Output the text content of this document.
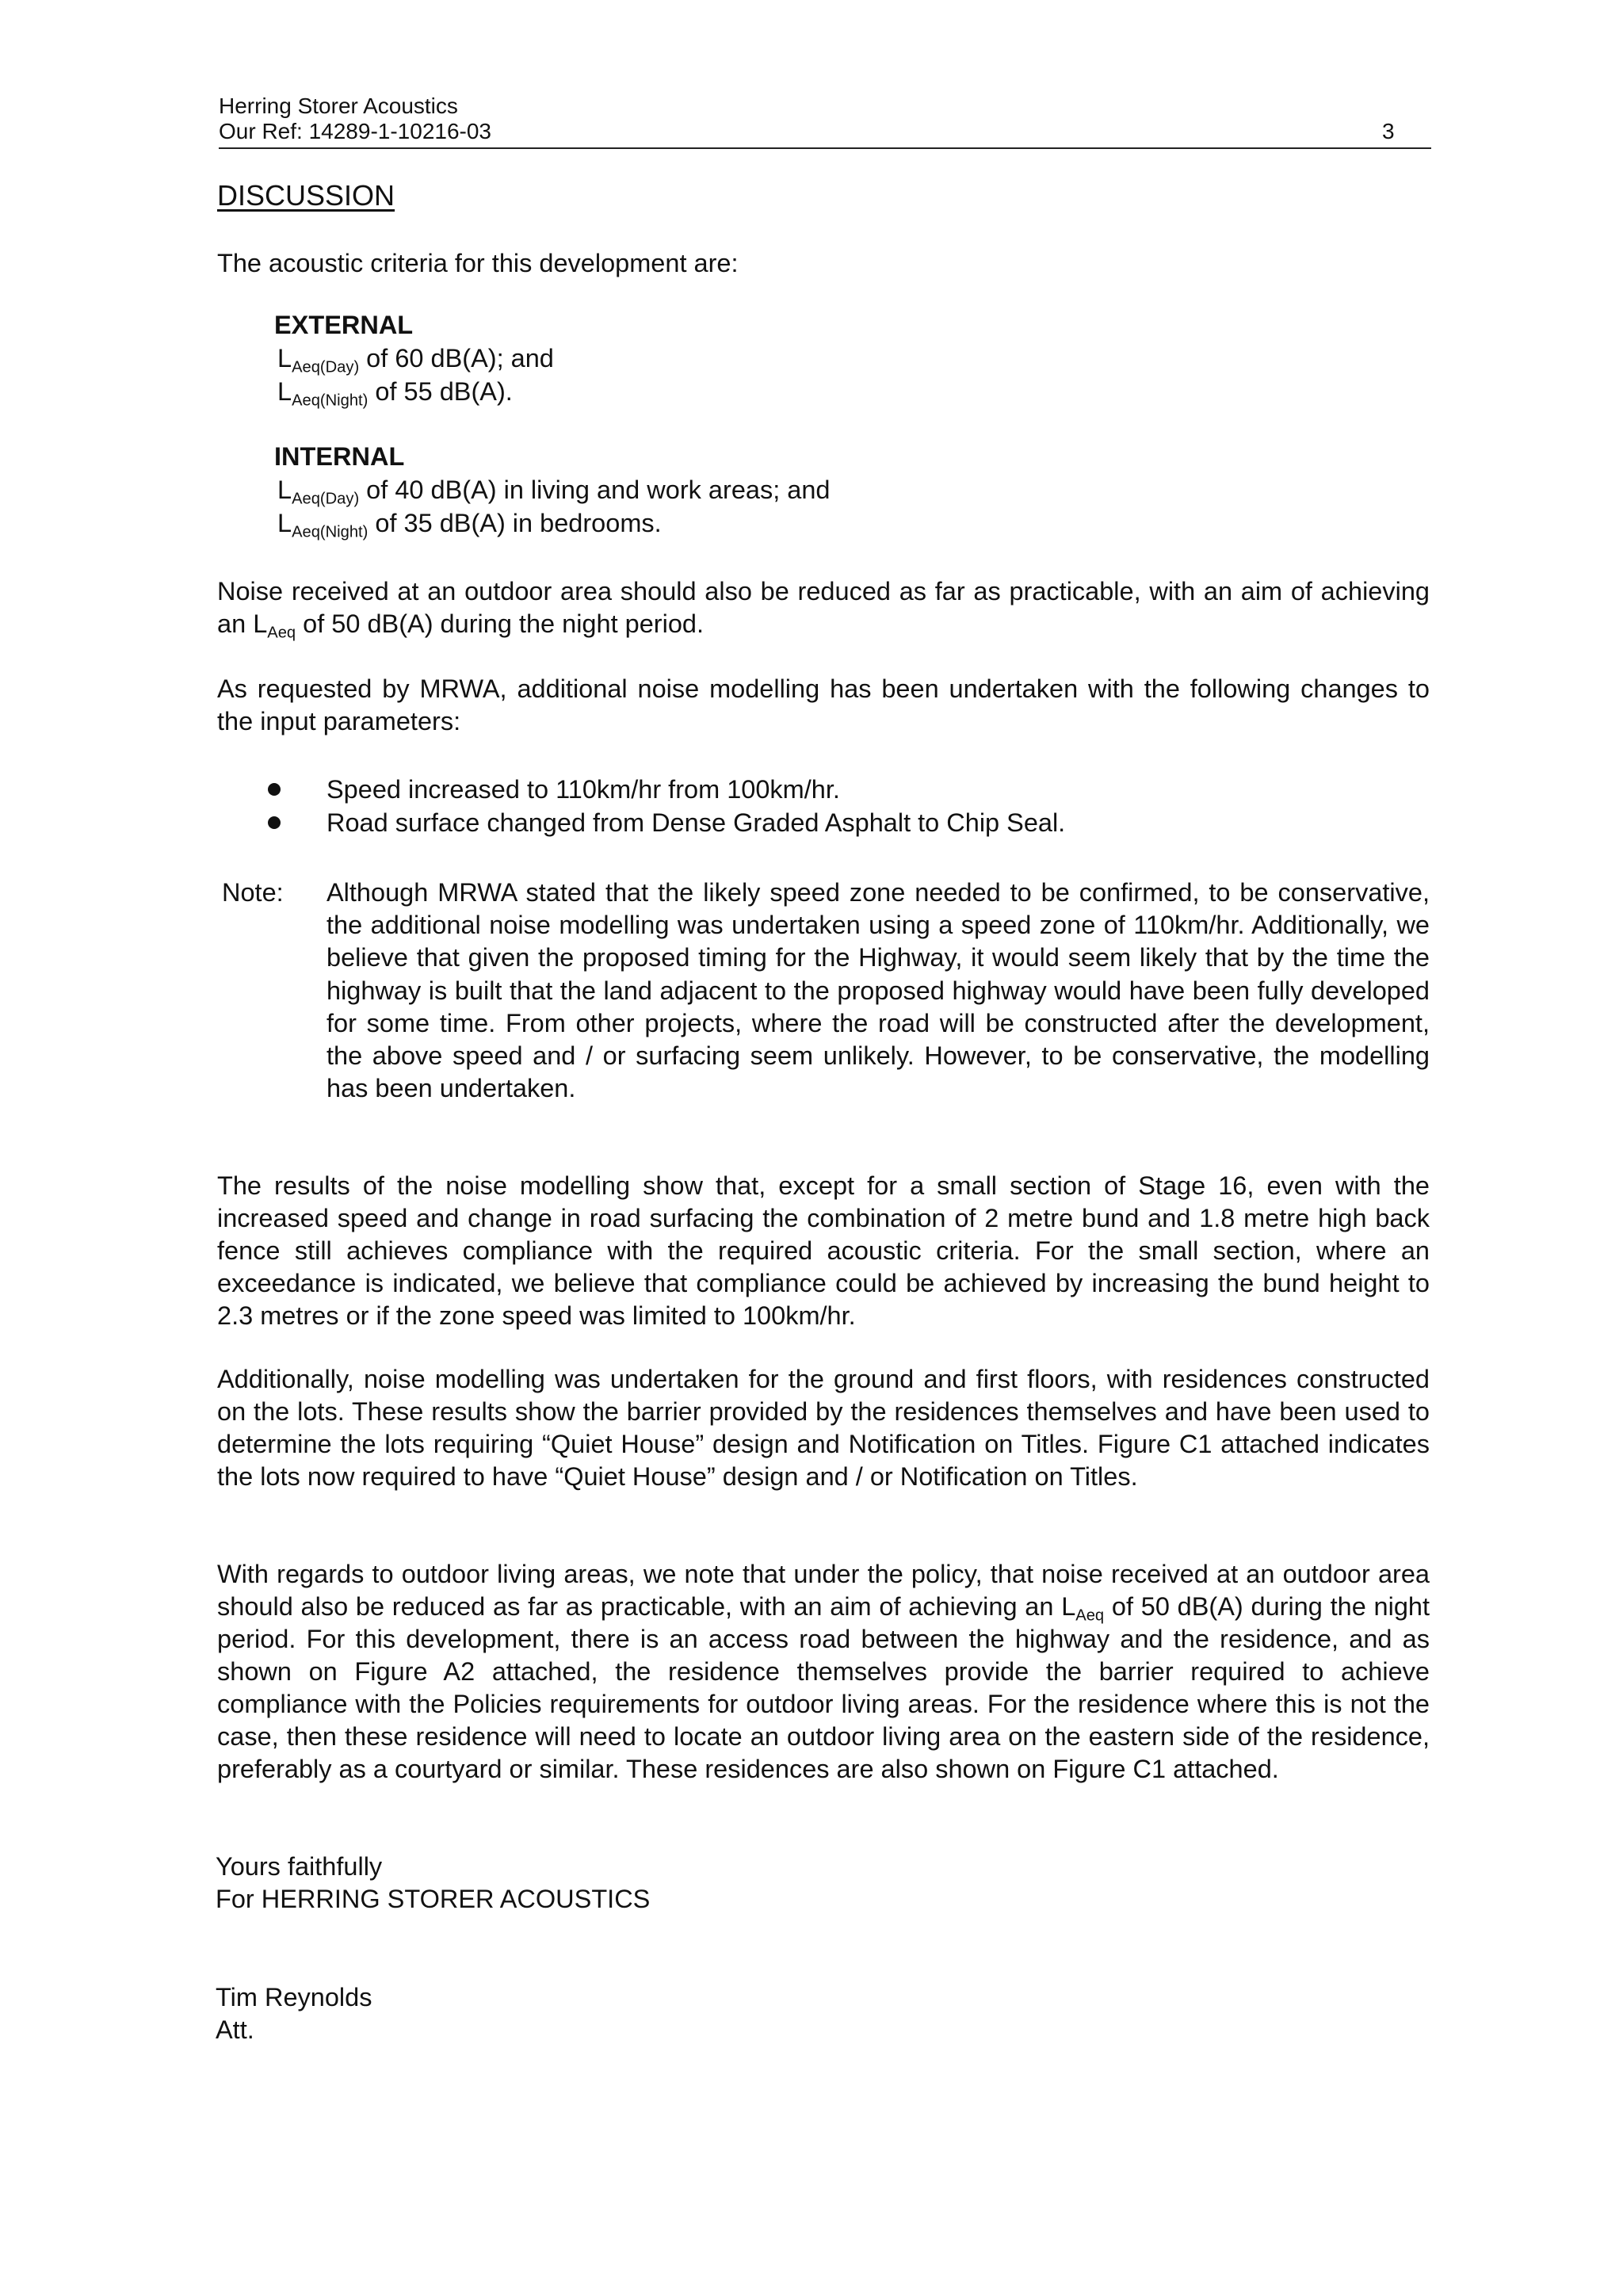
Herring Storer Acoustics
Our Ref: 14289-1-10216-03	3
DISCUSSION
The acoustic criteria for this development are:
EXTERNAL
$L_{Aeq(Day)}$ of 60 dB(A); and
$L_{Aeq(Night)}$ of 55 dB(A).
INTERNAL
$L_{Aeq(Day)}$ of 40 dB(A) in living and work areas; and
$L_{Aeq(Night)}$ of 35 dB(A) in bedrooms.
Noise received at an outdoor area should also be reduced as far as practicable, with an aim of achieving an $L_{Aeq}$ of 50 dB(A) during the night period.
As requested by MRWA, additional noise modelling has been undertaken with the following changes to the input parameters:
Speed increased to 110km/hr from 100km/hr.
Road surface changed from Dense Graded Asphalt to Chip Seal.
Note: Although MRWA stated that the likely speed zone needed to be confirmed, to be conservative, the additional noise modelling was undertaken using a speed zone of 110km/hr. Additionally, we believe that given the proposed timing for the Highway, it would seem likely that by the time the highway is built that the land adjacent to the proposed highway would have been fully developed for some time. From other projects, where the road will be constructed after the development, the above speed and / or surfacing seem unlikely. However, to be conservative, the modelling has been undertaken.
The results of the noise modelling show that, except for a small section of Stage 16, even with the increased speed and change in road surfacing the combination of 2 metre bund and 1.8 metre high back fence still achieves compliance with the required acoustic criteria. For the small section, where an exceedance is indicated, we believe that compliance could be achieved by increasing the bund height to 2.3 metres or if the zone speed was limited to 100km/hr.
Additionally, noise modelling was undertaken for the ground and first floors, with residences constructed on the lots. These results show the barrier provided by the residences themselves and have been used to determine the lots requiring “Quiet House” design and Notification on Titles. Figure C1 attached indicates the lots now required to have “Quiet House” design and / or Notification on Titles.
With regards to outdoor living areas, we note that under the policy, that noise received at an outdoor area should also be reduced as far as practicable, with an aim of achieving an $L_{Aeq}$ of 50 dB(A) during the night period. For this development, there is an access road between the highway and the residence, and as shown on Figure A2 attached, the residence themselves provide the barrier required to achieve compliance with the Policies requirements for outdoor living areas. For the residence where this is not the case, then these residence will need to locate an outdoor living area on the eastern side of the residence, preferably as a courtyard or similar. These residences are also shown on Figure C1 attached.
Yours faithfully
For HERRING STORER ACOUSTICS
Tim Reynolds
Att.
